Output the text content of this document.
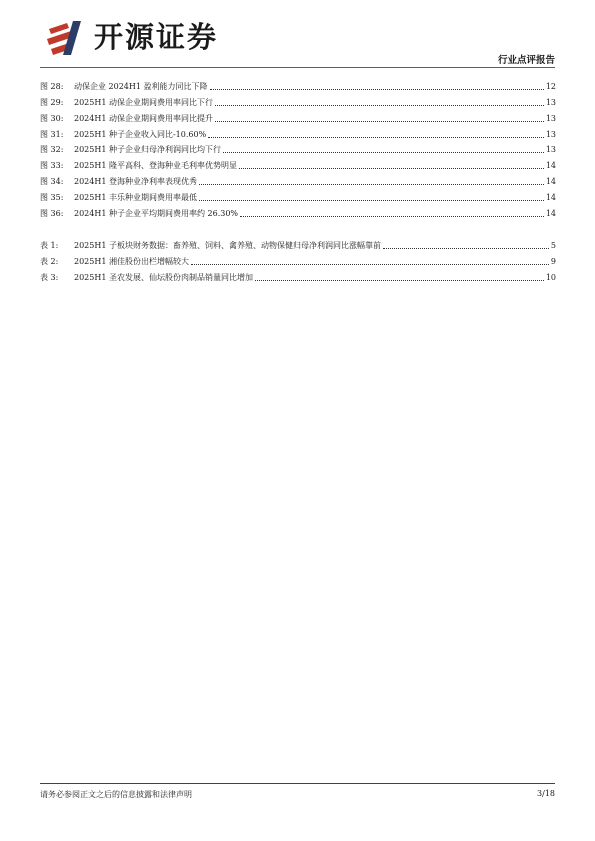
开源证券
行业点评报告
图 28:	动保企业 2024H1 盈利能力同比下降	12
图 29:	2025H1 动保企业期间费用率同比下行	13
图 30:	2024H1 动保企业期间费用率同比提升	13
图 31:	2025H1 种子企业收入同比-10.60%	13
图 32:	2025H1 种子企业归母净利润同比均下行	13
图 33:	2025H1 隆平高科、登海种业毛利率优势明显	14
图 34:	2024H1 登海种业净利率表现优秀	14
图 35:	2025H1 丰乐种业期间费用率最低	14
图 36:	2024H1 种子企业平均期间费用率约 26.30%	14
表 1:	2025H1 子板块财务数据：畜养殖、饲料、禽养殖、动物保健归母净利润同比涨幅靠前	5
表 2:	2025H1 湘佳股份出栏增幅较大	9
表 3:	2025H1 圣农发展、仙坛股份肉制品销量同比增加	10
请务必参阅正文之后的信息披露和法律声明	3/18
